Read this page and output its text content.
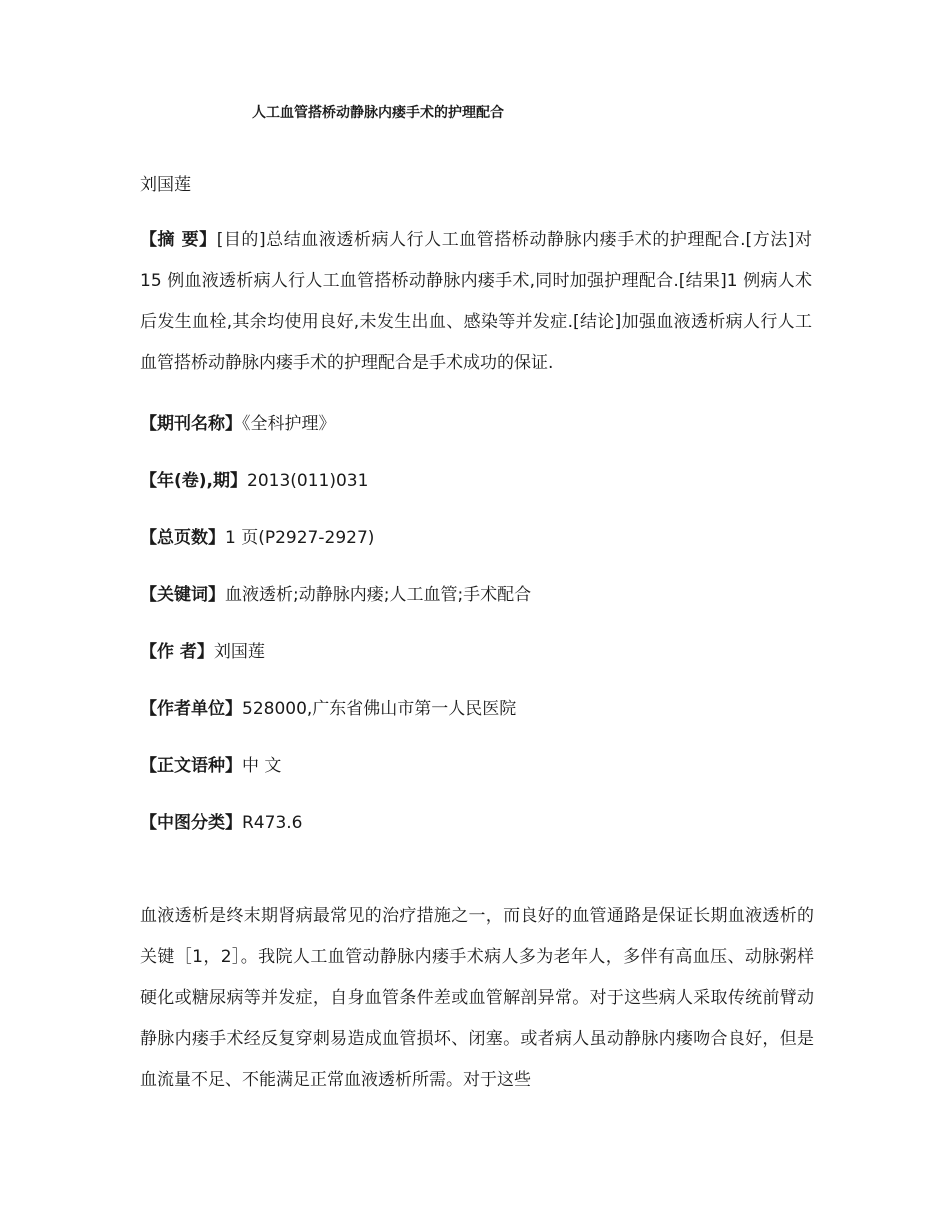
人工血管搭桥动静脉内瘘手术的护理配合
刘国莲

【摘 要】[目的]总结血液透析病人行人工血管搭桥动静脉内瘘手术的护理配合.[方法]对 15 例血液透析病人行人工血管搭桥动静脉内瘘手术,同时加强护理配合.[结果]1 例病人术后发生血栓,其余均使用良好,未发生出血、感染等并发症.[结论]加强血液透析病人行人工血管搭桥动静脉内瘘手术的护理配合是手术成功的保证.

【期刊名称】《全科护理》
【年(卷),期】2013(011)031
【总页数】1 页(P2927-2927)
【关键词】血液透析;动静脉内瘘;人工血管;手术配合
【作 者】刘国莲
【作者单位】528000,广东省佛山市第一人民医院
【正文语种】中 文
【中图分类】R473.6

血液透析是终末期肾病最常见的治疗措施之一，而良好的血管通路是保证长期血液透析的关键［1，2］。我院人工血管动静脉内瘘手术病人多为老年人，多伴有高血压、动脉粥样硬化或糖尿病等并发症，自身血管条件差或血管解剖异常。对于这些病人采取传统前臂动静脉内瘘手术经反复穿刺易造成血管损坏、闭塞。或者病人虽动静脉内瘘吻合良好，但是血流量不足、不能满足正常血液透析所需。对于这些
